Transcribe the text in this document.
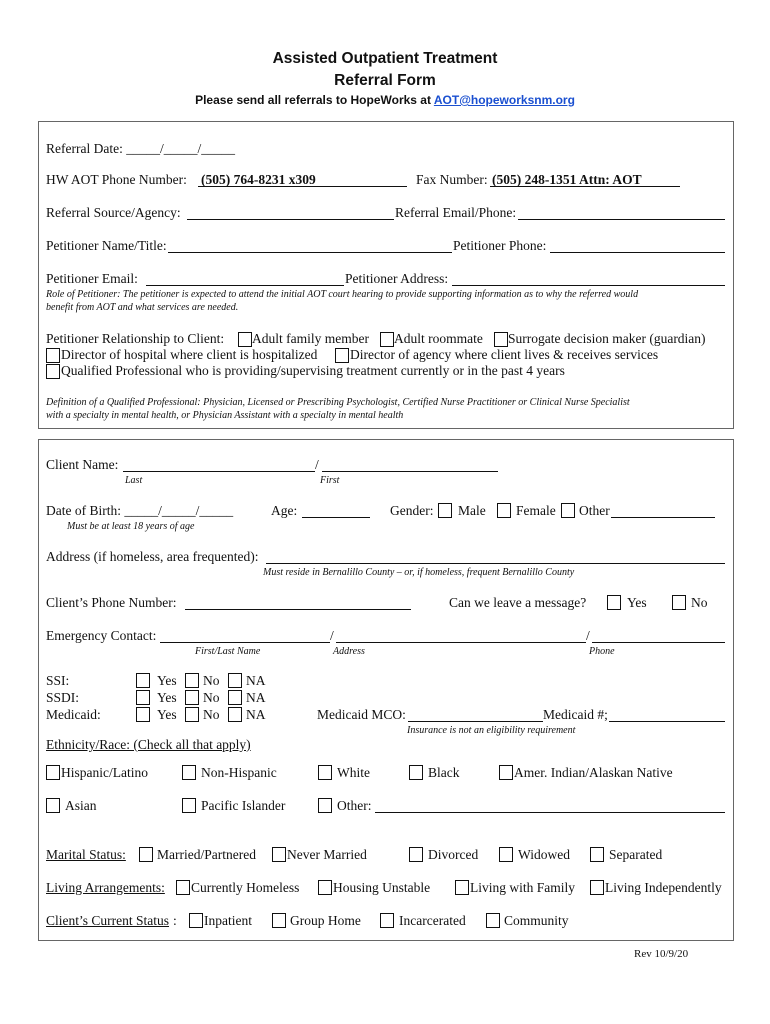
Assisted Outpatient Treatment
Referral Form
Please send all referrals to HopeWorks at AOT@hopeworksnm.org
Referral Date: _____/_____/_____
HW AOT Phone Number: (505) 764-8231 x309	Fax Number: (505) 248-1351 Attn: AOT
Referral Source/Agency:	Referral Email/Phone:
Petitioner Name/Title:	Petitioner Phone:
Petitioner Email:	Petitioner Address:
Role of Petitioner: The petitioner is expected to attend the initial AOT court hearing to provide supporting information as to why the referred would
benefit from AOT and what services are needed.
Petitioner Relationship to Client: Adult family member Adult roommate Surrogate decision maker (guardian)
Director of hospital where client is hospitalized Director of agency where client lives & receives services
Qualified Professional who is providing/supervising treatment currently or in the past 4 years
Definition of a Qualified Professional: Physician, Licensed or Prescribing Psychologist, Certified Nurse Practitioner or Clinical Nurse Specialist
with a specialty in mental health, or Physician Assistant with a specialty in mental health
Client Name:	/
Last	First
Date of Birth: _____/_____/_____
Must be at least 18 years of age
Age:	Gender: Male Female Other
Address (if homeless, area frequented):
Must reside in Bernalillo County – or, if homeless, frequent Bernalillo County
Client’s Phone Number:	Can we leave a message?	Yes	No
Emergency Contact:	/	/
First/Last Name	Address	Phone
SSI:	Yes No NA
SSDI:	Yes No NA
Medicaid:	Yes No NA	Medicaid MCO:	Medicaid #;
Insurance is not an eligibility requirement
Ethnicity/Race: (Check all that apply)
Hispanic/Latino	Non-Hispanic	White	Black	Amer. Indian/Alaskan Native
Asian	Pacific Islander	Other:
Marital Status: Married/Partnered Never Married	Divorced	Widowed	Separated
Living Arrangements: Currently Homeless Housing Unstable	Living with Family Living Independently
Client’s Current Status : Inpatient	Group Home	Incarcerated	Community
Rev 10/9/20
